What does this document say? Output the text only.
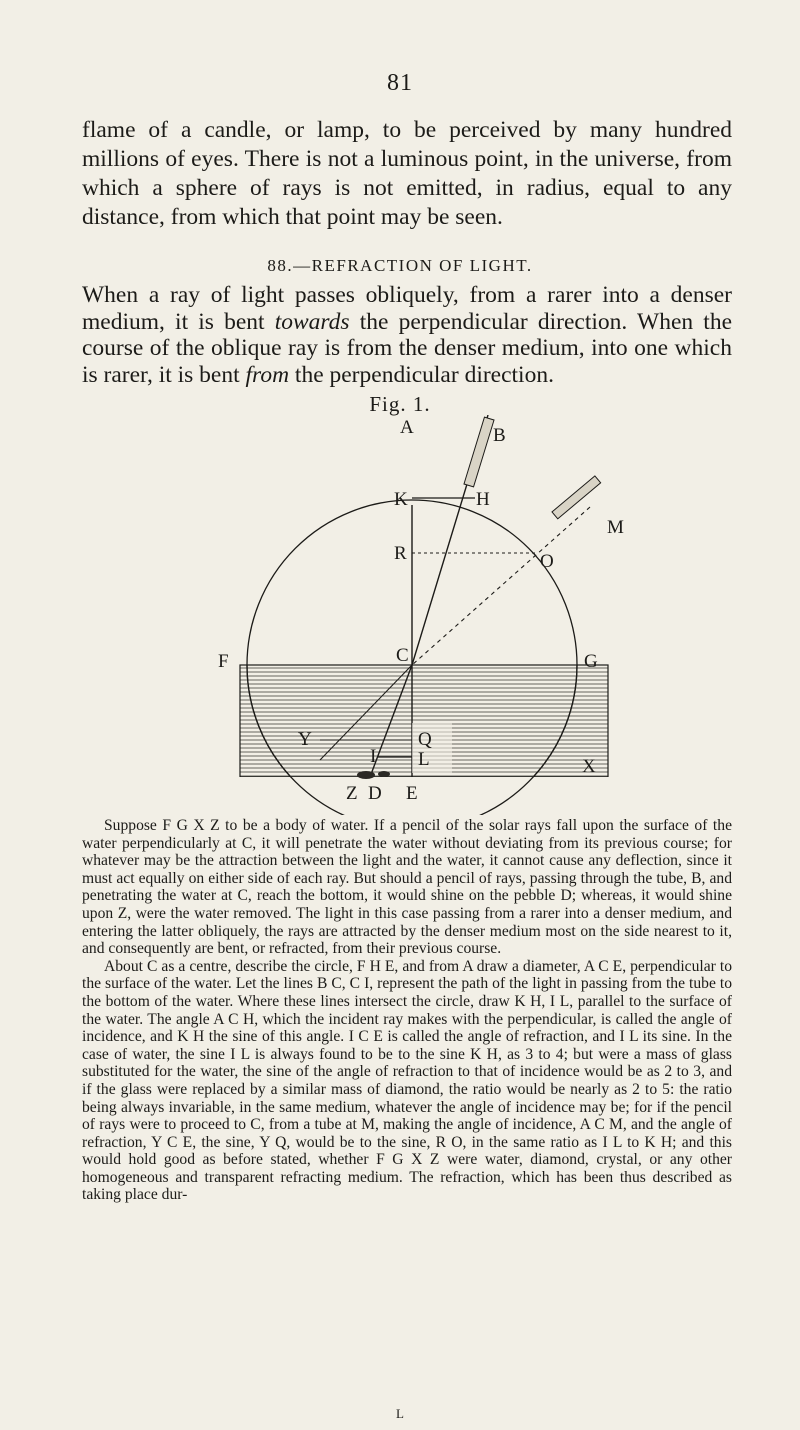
81
flame of a candle, or lamp, to be perceived by many hundred millions of eyes. There is not a luminous point, in the universe, from which a sphere of rays is not emitted, in radius, equal to any distance, from which that point may be seen.
88.—REFRACTION OF LIGHT.
When a ray of light passes obliquely, from a rarer into a denser medium, it is bent towards the perpendicular direction. When the course of the oblique ray is from the denser medium, into one which is rarer, it is bent from the perpendicular direction.
Fig. 1.
A	B
K	H
M
R	O
F	C	G
Y	Q
I L	X
Z D E

Suppose F G X Z to be a body of water. If a pencil of the solar rays fall upon the surface of the water perpendicularly at C, it will penetrate the water without deviating from its previous course; for whatever may be the attraction between the light and the water, it cannot cause any deflection, since it must act equally on either side of each ray. But should a pencil of rays, passing through the tube, B, and penetrating the water at C, reach the bottom, it would shine on the pebble D; whereas, it would shine upon Z, were the water removed. The light in this case passing from a rarer into a denser medium, and entering the latter obliquely, the rays are attracted by the denser medium most on the side nearest to it, and consequently are bent, or refracted, from their previous course.

About C as a centre, describe the circle, F H E, and from A draw a diameter, A C E, perpendicular to the surface of the water. Let the lines B C, C I, represent the path of the light in passing from the tube to the bottom of the water. Where these lines intersect the circle, draw K H, I L, parallel to the surface of the water. The angle A C H, which the incident ray makes with the perpendicular, is called the angle of incidence, and K H the sine of this angle. I C E is called the angle of refraction, and I L its sine. In the case of water, the sine I L is always found to be to the sine K H, as 3 to 4; but were a mass of glass substituted for the water, the sine of the angle of refraction to that of incidence would be as 2 to 3, and if the glass were replaced by a similar mass of diamond, the ratio would be nearly as 2 to 5: the ratio being always invariable, in the same medium, whatever the angle of incidence may be; for if the pencil of rays were to proceed to C, from a tube at M, making the angle of incidence, A C M, and the angle of refraction, Y C E, the sine, Y Q, would be to the sine, R O, in the same ratio as I L to K H; and this would hold good as before stated, whether F G X Z were water, diamond, crystal, or any other homogeneous and transparent refracting medium. The refraction, which has been thus described as taking place dur-

L
